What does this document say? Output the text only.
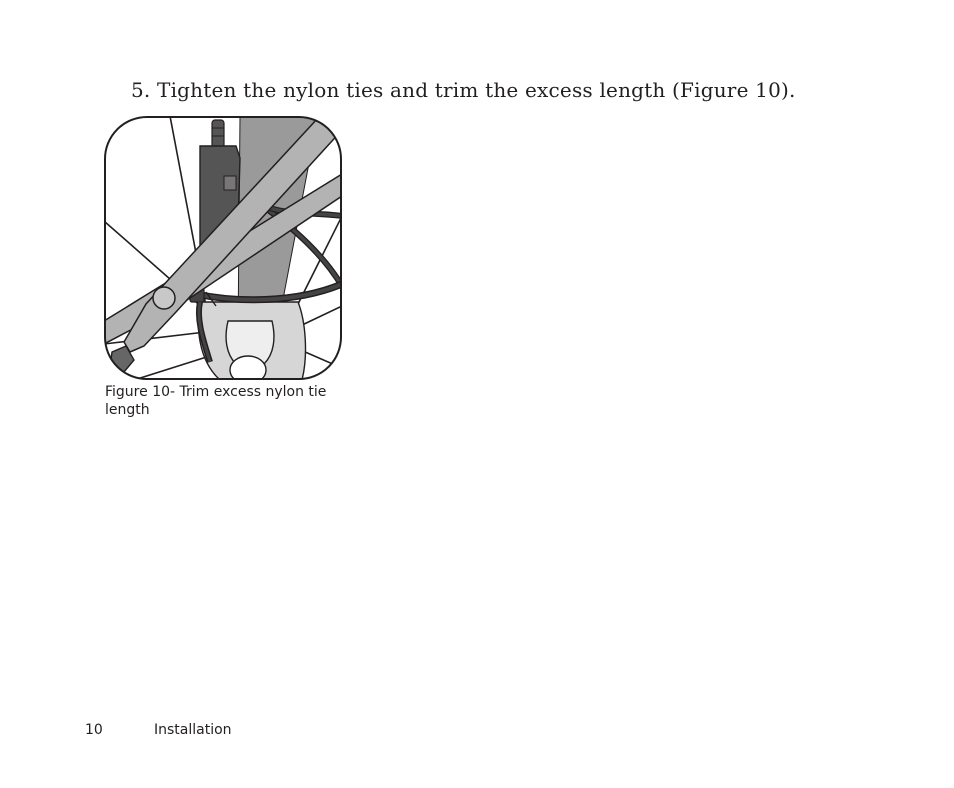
5. Tighten the nylon ties and trim the excess length (Figure 10).
Figure 10- Trim excess nylon tie length
10	Installation
